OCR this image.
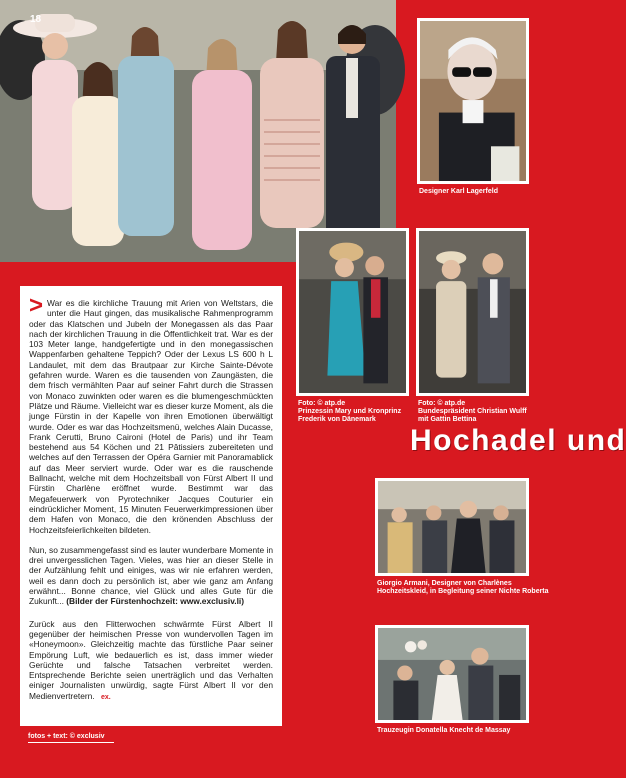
18
Designer Karl Lagerfeld
Foto: © atp.de
Prinzessin Mary und Kronprinz
Frederik von Dänemark
Foto: © atp.de
Bundespräsident Christian Wulff
mit Gattin Bettina
Hochadel und
Giorgio Armani, Designer von Charlènes
Hochzeitskleid, in Begleitung seiner Nichte Roberta
Trauzeugin Donatella Knecht de Massay

> War es die kirchliche Trauung mit Arien von Weltstars, die unter die Haut gingen, das musikalische Rahmenprogramm oder das Klatschen und Jubeln der Monegassen als das Paar nach der kirchlichen Trauung in die Öffentlichkeit trat. War es der 103 Meter lange, handgefertigte und in den monegassischen Wappenfarben gehaltene Teppich? Oder der Lexus LS 600 h L Landaulet, mit dem das Brautpaar zur Kirche Sainte-Dévote gefahren wurde. Waren es die tausenden von Zaungästen, die dem frisch vermählten Paar auf seiner Fahrt durch die Strassen von Monaco zuwinkten oder waren es die blumengeschmückten Plätze und Räume. Vielleicht war es dieser kurze Moment, als die junge Fürstin in der Kapelle von ihren Emotionen überwältigt wurde. Oder es war das Hochzeitsmenü, welches Alain Ducasse, Frank Cerutti, Bruno Caironi (Hotel de Paris) und ihr Team bestehend aus 54 Köchen und 21 Pâtissiers zubereiteten und welches auf den Terrassen der Opéra Garnier mit Panoramablick auf das Meer serviert wurde. Oder war es die rauschende Ballnacht, welche mit dem Hochzeitsball von Fürst Albert II und Fürstin Charlène eröffnet wurde. Bestimmt war das Megafeuerwerk von Pyrotechniker Jacques Couturier ein eindrücklicher Moment, 15 Minuten Feuerwerkimpressionen über dem Hafen von Monaco, die den krönenden Abschluss der Hochzeitsfeierlichkeiten bildeten.

Nun, so zusammengefasst sind es lauter wunderbare Momente in drei unvergesslichen Tagen. Vieles, was hier an dieser Stelle in der Aufzählung fehlt und einiges, was wir nie erfahren werden, weil es dann doch zu persönlich ist, aber wie ganz am Anfang erwähnt... Bonne chance, viel Glück und alles Gute für die Zukunft... (Bilder der Fürstenhochzeit: www.exclusiv.li)

Zurück aus den Flitterwochen schwärmte Fürst Albert II gegenüber der heimischen Presse von wundervollen Tagen im «Honeymoon». Gleichzeitig machte das fürstliche Paar seiner Empörung Luft, wie bedauerlich es ist, dass immer wieder Gerüchte und falsche Tatsachen verbreitet werden. Entsprechende Berichte seien unerträglich und das Verhalten einiger Journalisten unwürdig, sagte Fürst Albert II vor den Medienvertretern. ex.

fotos + text: © exclusiv
